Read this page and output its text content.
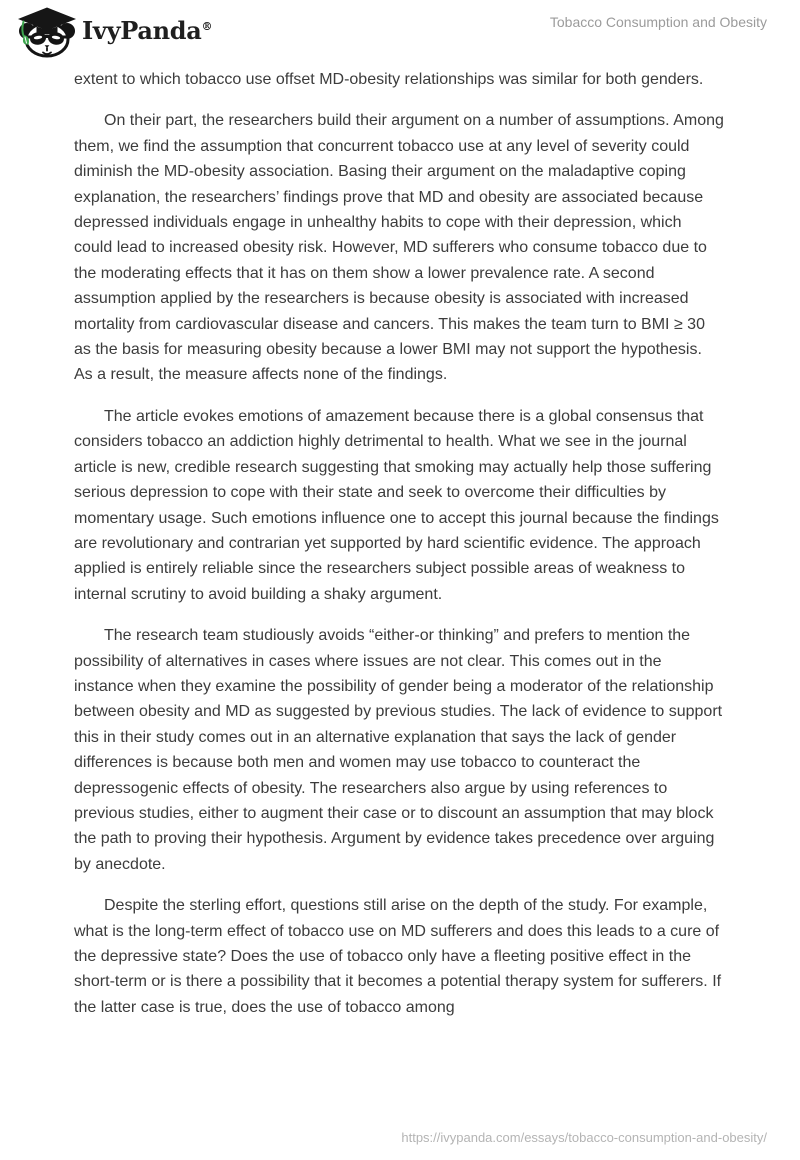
IvyPanda®	Tobacco Consumption and Obesity

extent to which tobacco use offset MD-obesity relationships was similar for both genders.

On their part, the researchers build their argument on a number of assumptions. Among them, we find the assumption that concurrent tobacco use at any level of severity could diminish the MD-obesity association. Basing their argument on the maladaptive coping explanation, the researchers’ findings prove that MD and obesity are associated because depressed individuals engage in unhealthy habits to cope with their depression, which could lead to increased obesity risk. However, MD sufferers who consume tobacco due to the moderating effects that it has on them show a lower prevalence rate. A second assumption applied by the researchers is because obesity is associated with increased mortality from cardiovascular disease and cancers. This makes the team turn to BMI ≥ 30 as the basis for measuring obesity because a lower BMI may not support the hypothesis. As a result, the measure affects none of the findings.

The article evokes emotions of amazement because there is a global consensus that considers tobacco an addiction highly detrimental to health. What we see in the journal article is new, credible research suggesting that smoking may actually help those suffering serious depression to cope with their state and seek to overcome their difficulties by momentary usage. Such emotions influence one to accept this journal because the findings are revolutionary and contrarian yet supported by hard scientific evidence. The approach applied is entirely reliable since the researchers subject possible areas of weakness to internal scrutiny to avoid building a shaky argument.

The research team studiously avoids “either-or thinking” and prefers to mention the possibility of alternatives in cases where issues are not clear. This comes out in the instance when they examine the possibility of gender being a moderator of the relationship between obesity and MD as suggested by previous studies. The lack of evidence to support this in their study comes out in an alternative explanation that says the lack of gender differences is because both men and women may use tobacco to counteract the depressogenic effects of obesity. The researchers also argue by using references to previous studies, either to augment their case or to discount an assumption that may block the path to proving their hypothesis. Argument by evidence takes precedence over arguing by anecdote.

Despite the sterling effort, questions still arise on the depth of the study. For example, what is the long-term effect of tobacco use on MD sufferers and does this leads to a cure of the depressive state? Does the use of tobacco only have a fleeting positive effect in the short-term or is there a possibility that it becomes a potential therapy system for sufferers. If the latter case is true, does the use of tobacco among

https://ivypanda.com/essays/tobacco-consumption-and-obesity/
